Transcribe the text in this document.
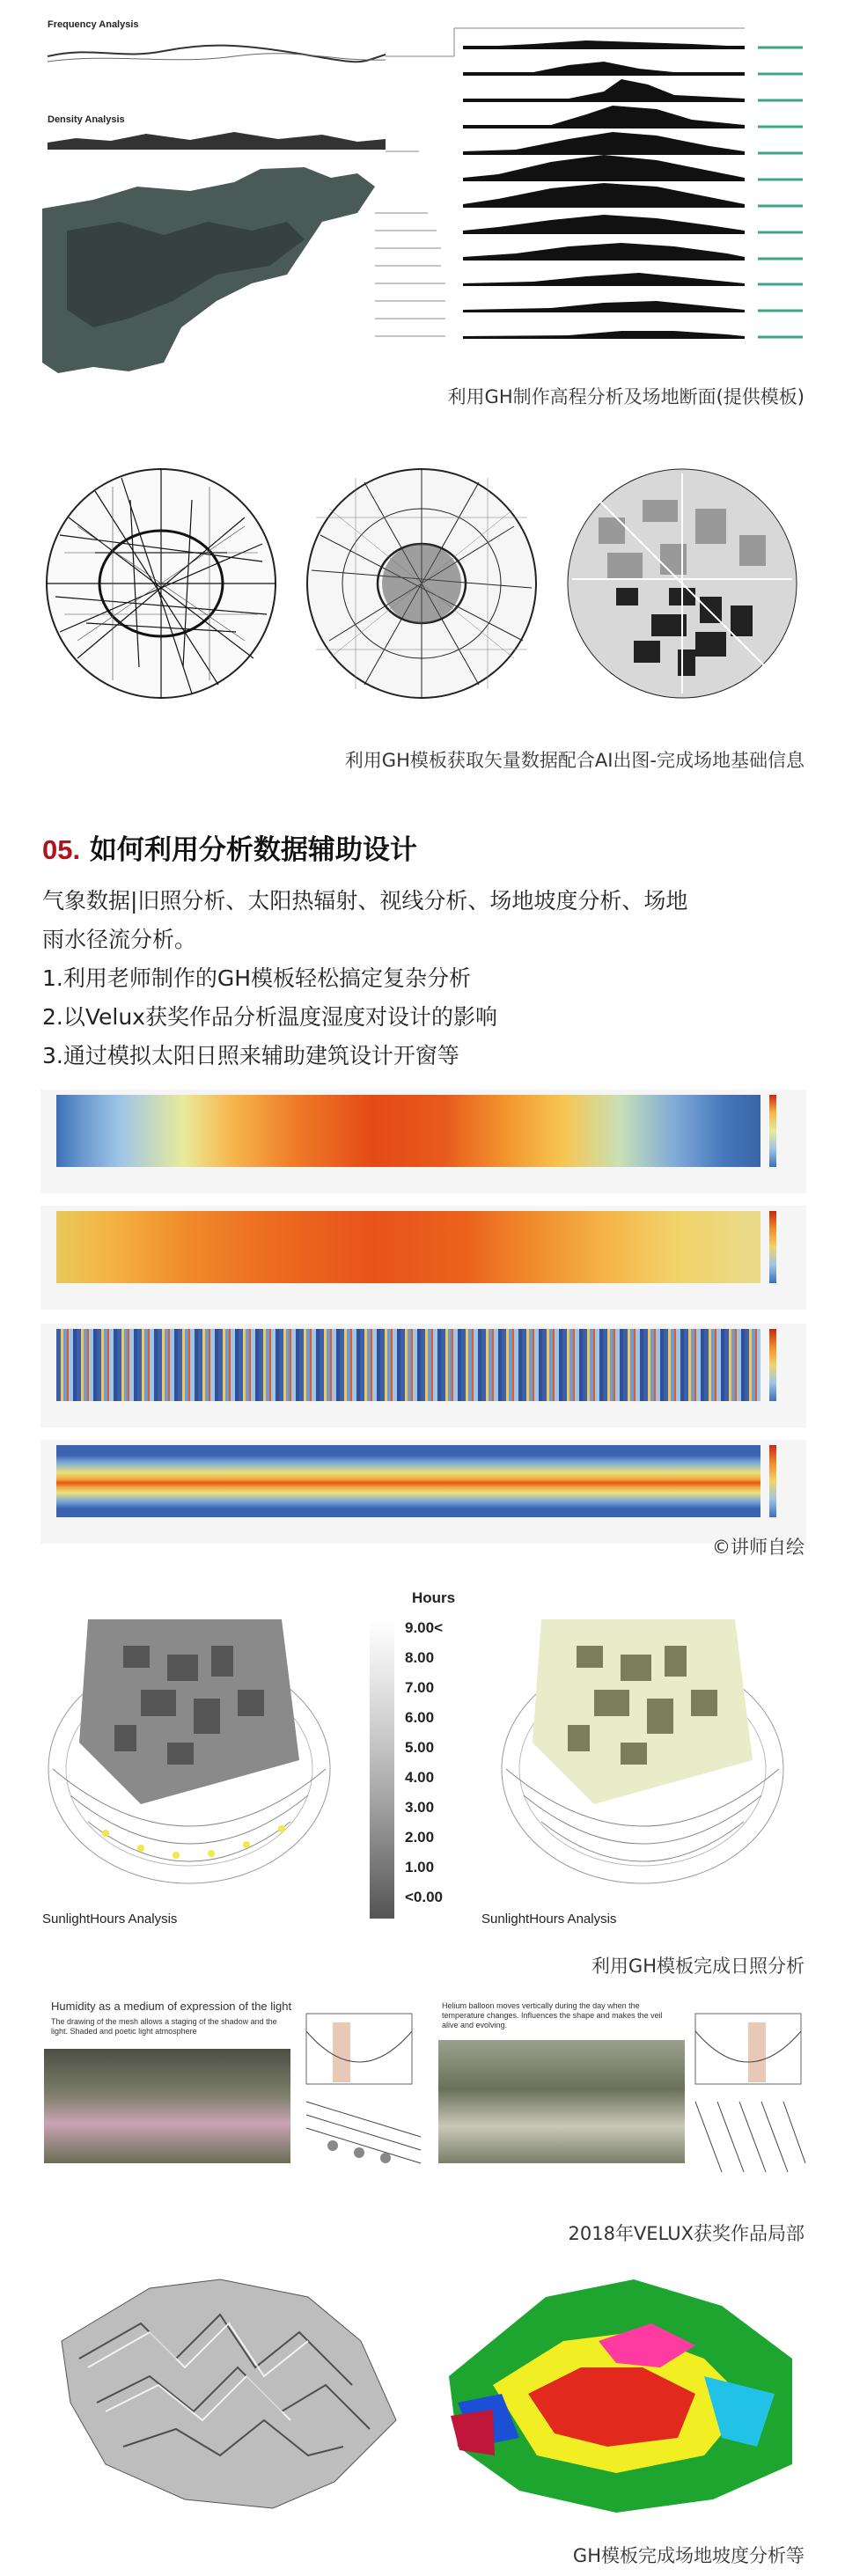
Frequency Analysis
Density Analysis
利用GH制作高程分析及场地断面(提供模板)
利用GH模板获取矢量数据配合AI出图-完成场地基础信息
05. 如何利用分析数据辅助设计
气象数据|旧照分析、太阳热辐射、视线分析、场地坡度分析、场地
雨水径流分析。
1.利用老师制作的GH模板轻松搞定复杂分析
2.以Velux获奖作品分析温度湿度对设计的影响
3.通过模拟太阳日照来辅助建筑设计开窗等
©讲师自绘
SunlightHours Analysis
Hours
9.00<
8.00
7.00
6.00
5.00
4.00
3.00
2.00
1.00
<0.00
SunlightHours Analysis
利用GH模板完成日照分析
Humidity as a medium of expression of the light
The drawing of the mesh allows a staging of the shadow and the light. Shaded and poetic light atmosphere
Helium balloon moves vertically during the day when the temperature changes. Influences the shape and makes the veil alive and evolving.
2018年VELUX获奖作品局部
GH模板完成场地坡度分析等
